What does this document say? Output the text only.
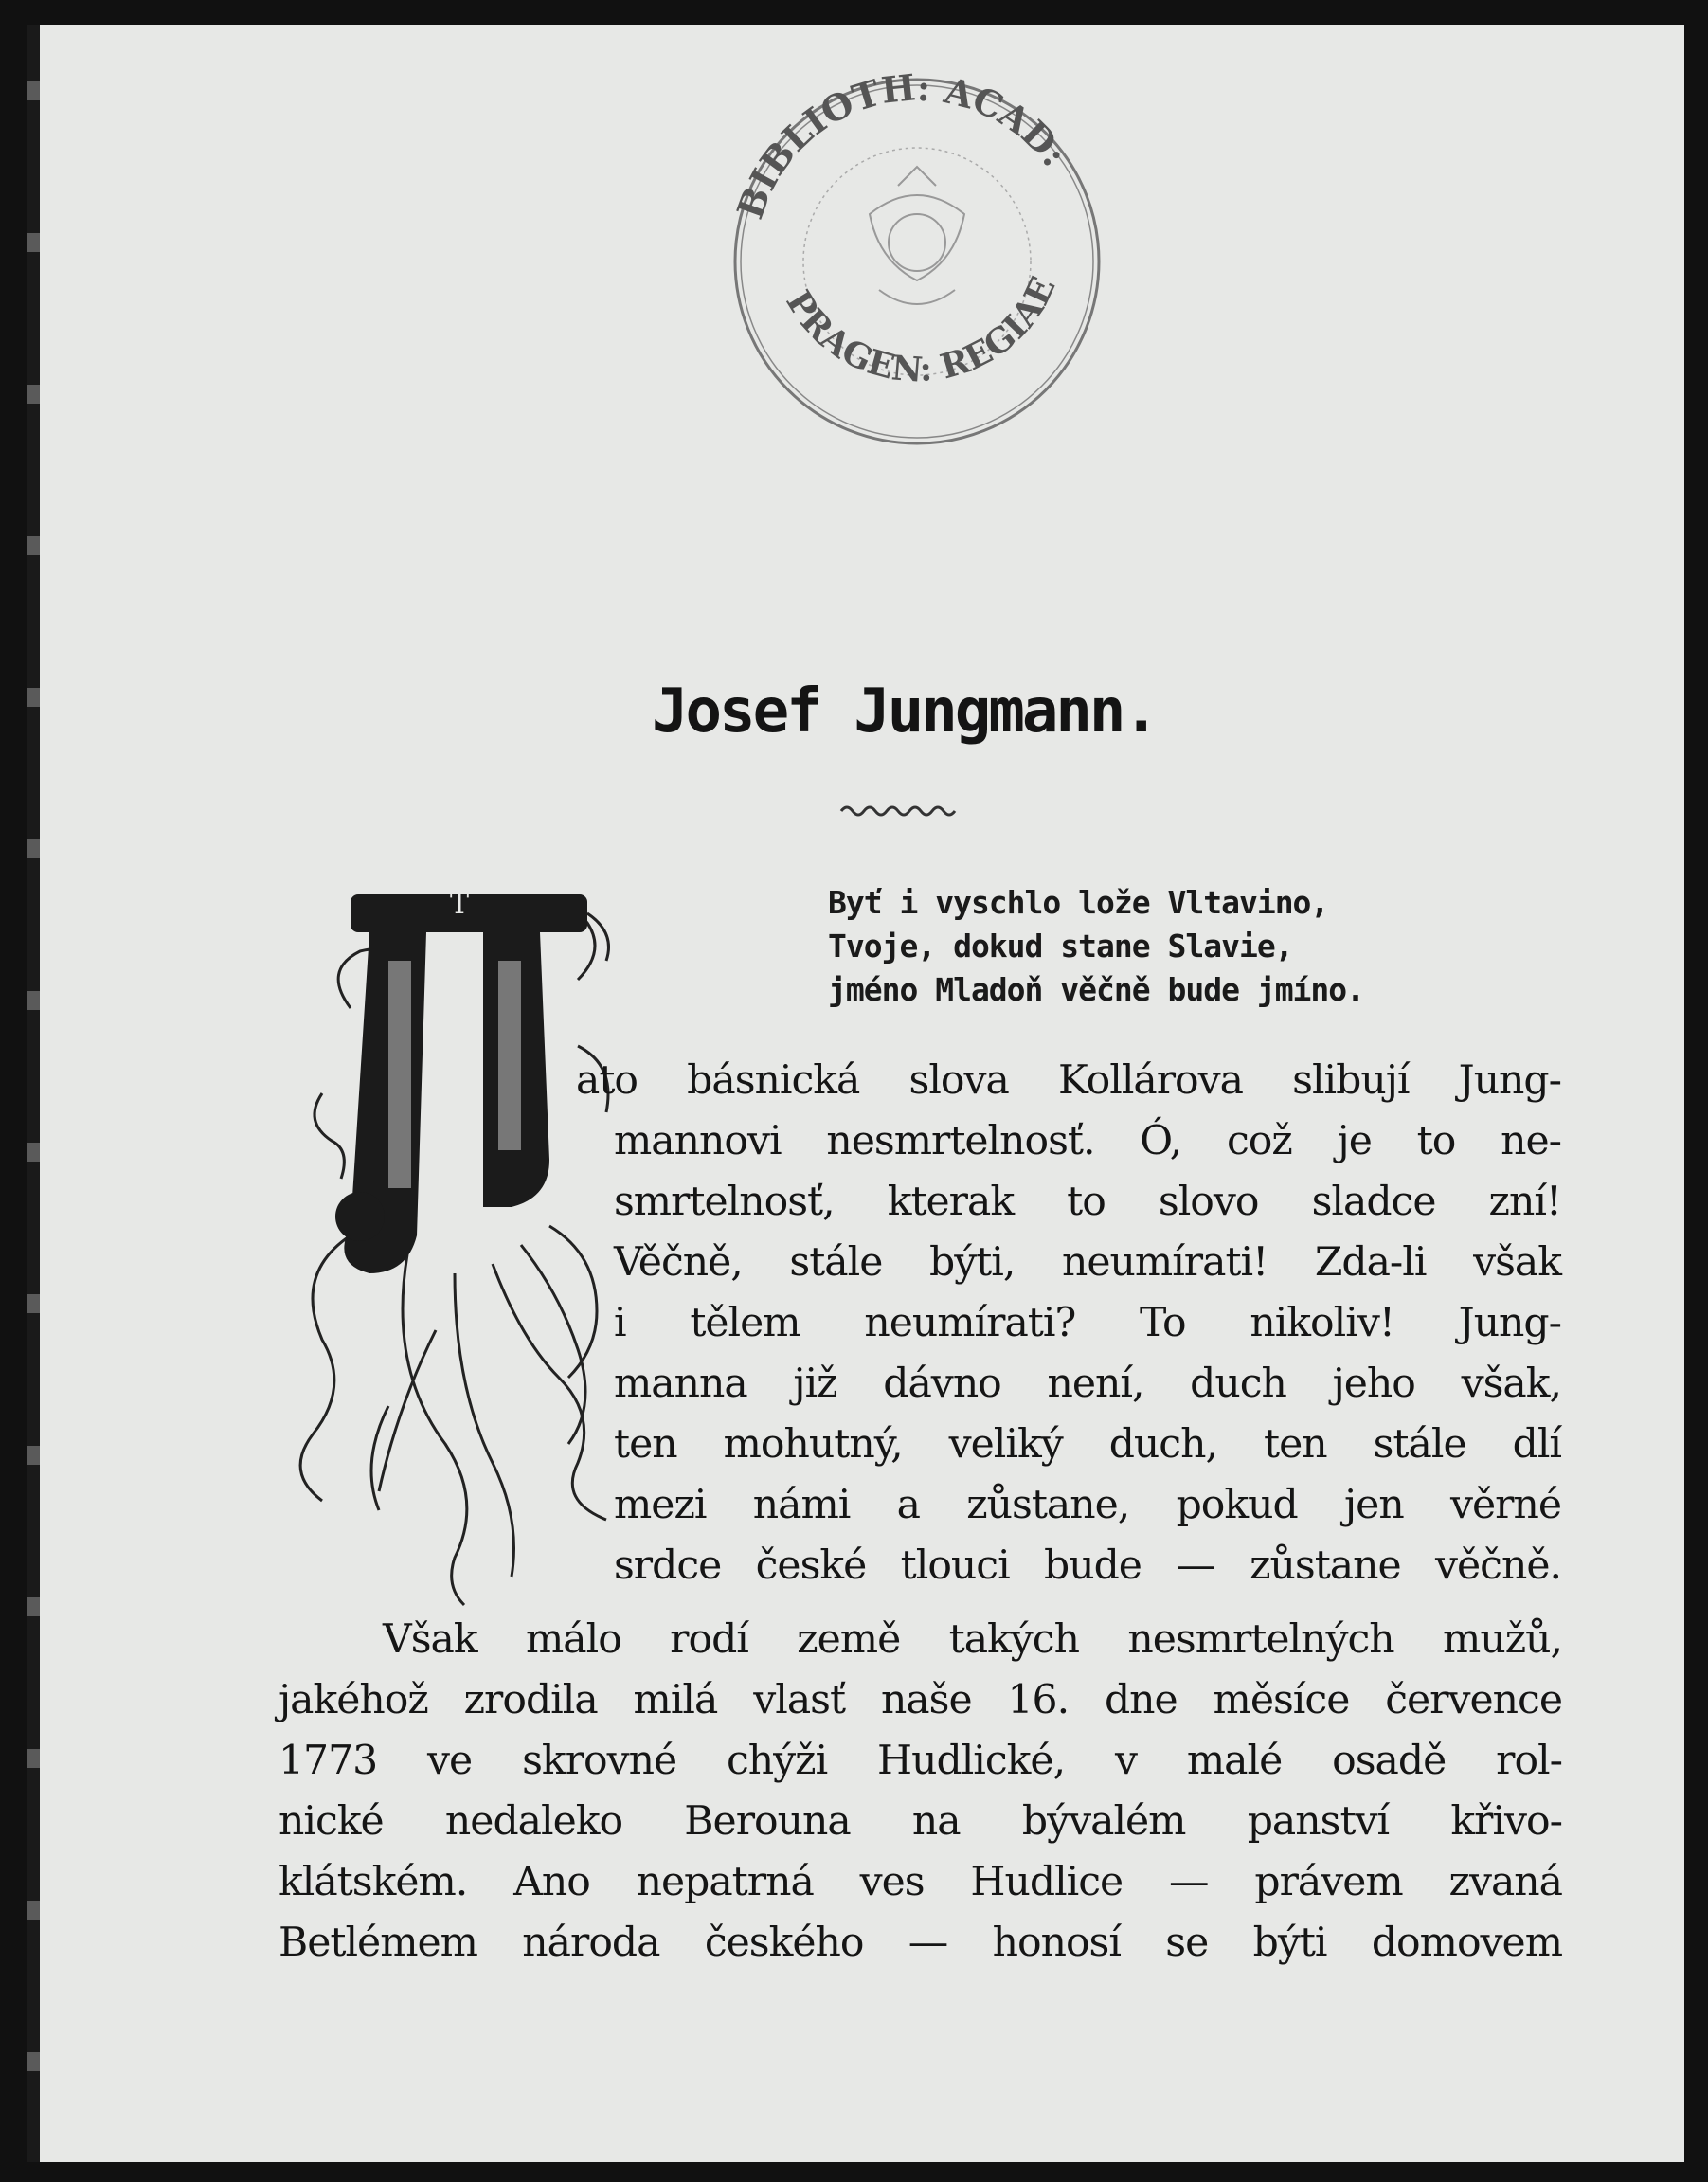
BIBLIOTH: ACAD:
PRAGEN: REGIAE
Josef Jungmann.
Byť i vyschlo lože Vltavino,
Tvoje, dokud stane Slavie,
jméno Mladoň věčně bude jmíno.
T
ato básnická slova Kollárova slibují Jung-
mannovi nesmrtelnosť. Ó, což je to ne-
smrtelnosť, kterak to slovo sladce zní!
Věčně, stále býti, neumírati! Zda-li však
i tělem neumírati? To nikoliv! Jung-
manna již dávno není, duch jeho však,
ten mohutný, veliký duch, ten stále dlí
mezi námi a zůstane, pokud jen věrné
srdce české tlouci bude — zůstane věčně.
Však málo rodí země takých nesmrtelných mužů,
jakéhož zrodila milá vlasť naše 16. dne měsíce července
1773 ve skrovné chýži Hudlické, v malé osadě rol-
nické nedaleko Berouna na bývalém panství křivo-
klátském. Ano nepatrná ves Hudlice — právem zvaná
Betlémem národa českého — honosí se býti domovem
